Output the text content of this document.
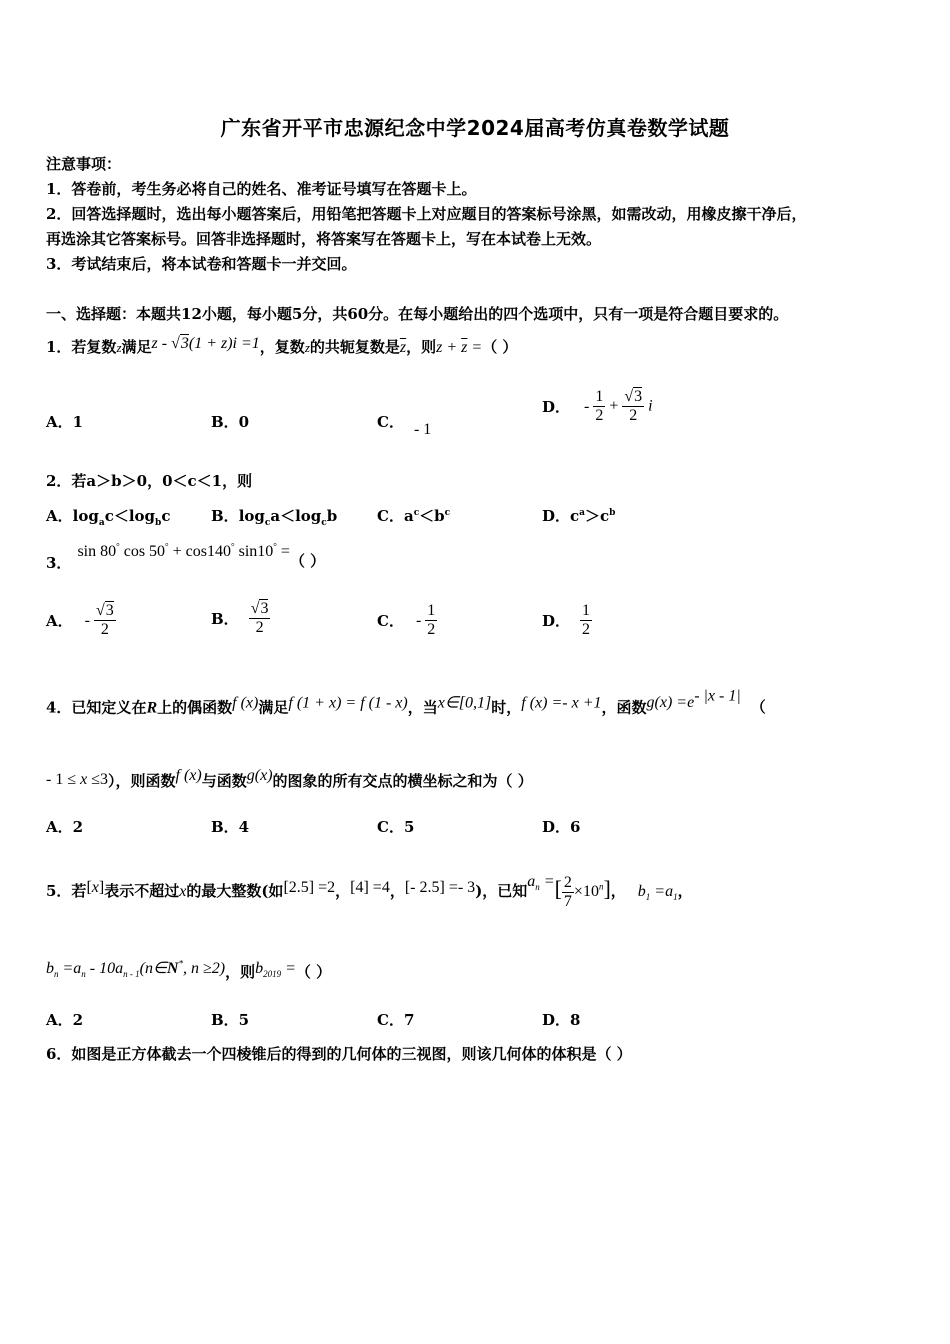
广东省开平市忠源纪念中学2024届高考仿真卷数学试题
注意事项：
1．答卷前，考生务必将自己的姓名、准考证号填写在答题卡上。
2．回答选择题时，选出每小题答案后，用铅笔把答题卡上对应题目的答案标号涂黑，如需改动，用橡皮擦干净后，
再选涂其它答案标号。回答非选择题时，将答案写在答题卡上，写在本试卷上无效。
3．考试结束后，将本试卷和答题卡一并交回。
一、选择题：本题共12小题，每小题5分，共60分。在每小题给出的四个选项中，只有一项是符合题目要求的。
1．若复数z满足z - √3(1 + z)i =1，复数z的共轭复数是$\overline{z}$，则$z + \overline{z}$ =（ ）
A．1	B．0	C． - 1
D． - $\frac{1}{2} + \frac{√3}{2}$ i
2．若a＞b＞0，0＜c＜1，则
A．$\log_ac<\log_bc$	B．$\log_ca<\log_cb$	C．$a^c<b^c$	D．$c^a>c^b$
3．sin 80° cos 50° + cos140° sin10° =（ ）
A． - $\frac{√3}{2}$	B． $\frac{√3}{2}$	C． - $\frac{1}{2}$	D． $\frac{1}{2}$
4．已知定义在R上的偶函数f (x)满足f (1 + x) = f (1 - x)，当x∈[0,1]时，f (x) =- x +1，函数$g(x) =e^{- |x - 1|}$（
- 1 ≤ x ≤3），则函数f (x)与函数g(x)的图象的所有交点的横坐标之和为（ ）
A．2	B．4	C．5	D．6
5．若[x]表示不超过x的最大整数(如[2.5] =2，[4] =4，[- 2.5] =- 3)，已知$a_n$ =[ $\frac{2}{7} \times 10^n$]， $b_1 =a_1$，
$b_n =a_n$ - $10a_{n - 1}(n\in N^*$, n ≥2)，则$b_{2019}$ =（ ）
A．2	B．5	C．7	D．8
6．如图是正方体截去一个四棱锥后的得到的几何体的三视图，则该几何体的体积是（ ）
